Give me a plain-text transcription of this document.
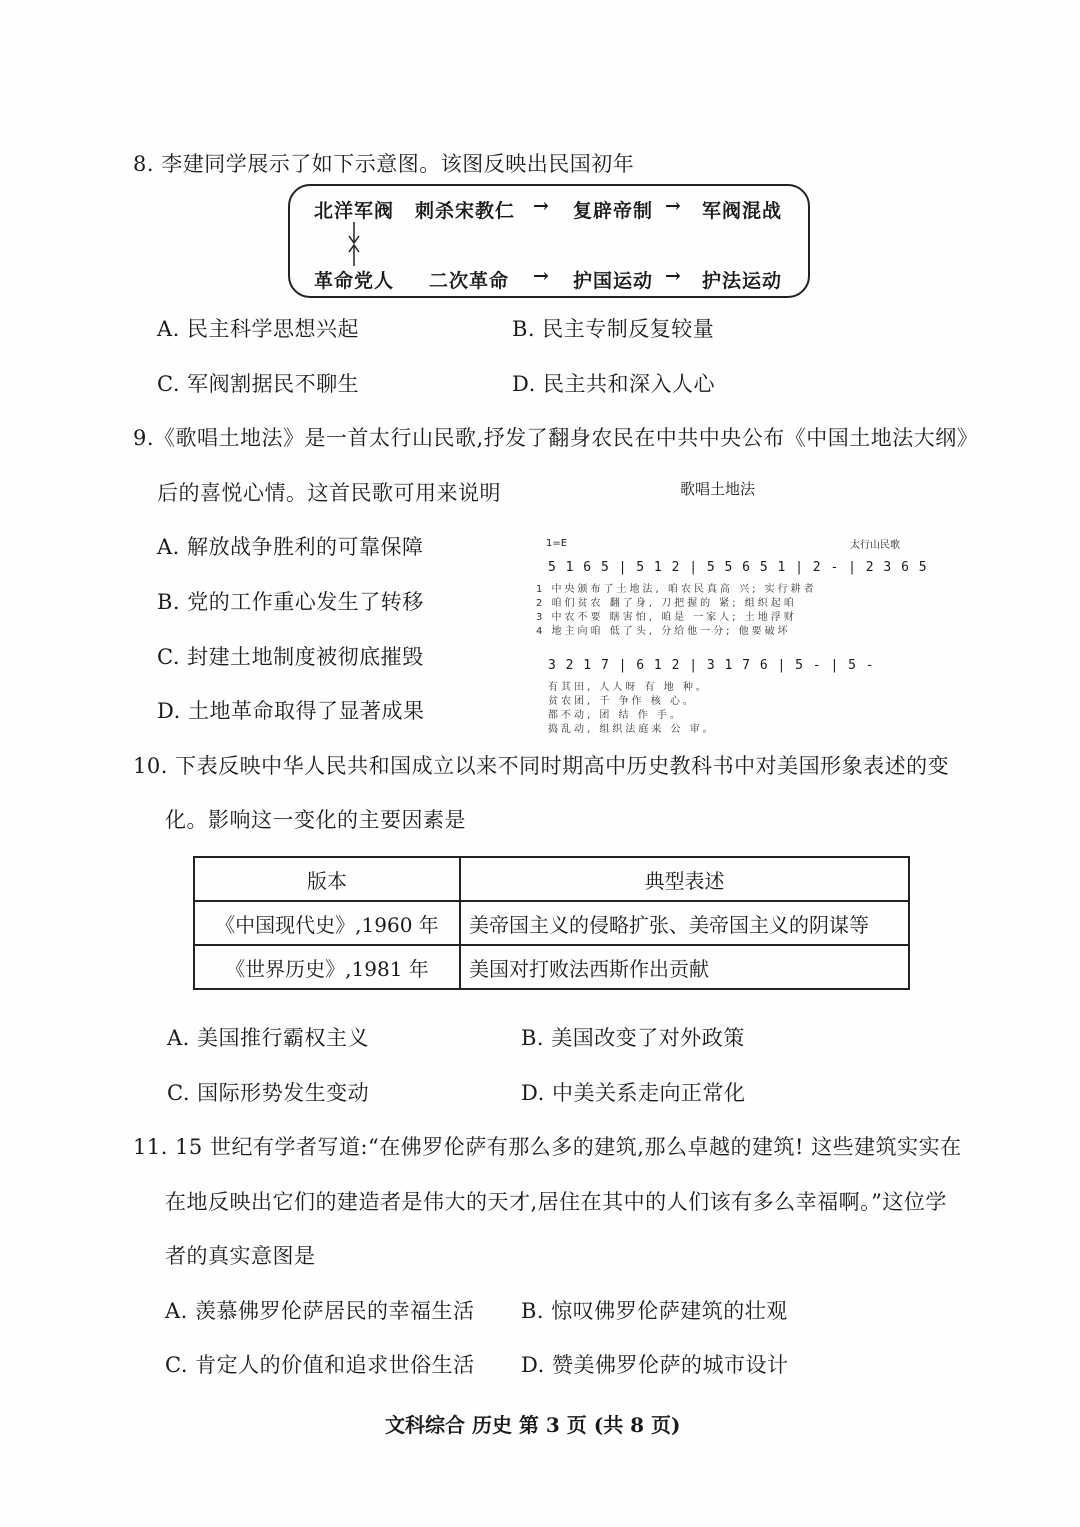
8. 李建同学展示了如下示意图。该图反映出民国初年
北洋军阀 刺杀宋教仁 → 复辟帝制 → 军阀混战
革命党人 二次革命 → 护国运动 → 护法运动
A. 民主科学思想兴起	B. 民主专制反复较量
C. 军阀割据民不聊生	D. 民主共和深入人心
9.《歌唱土地法》是一首太行山民歌,抒发了翻身农民在中共中央公布《中国土地法大纲》
后的喜悦心情。这首民歌可用来说明
A. 解放战争胜利的可靠保障
B. 党的工作重心发生了转移
C. 封建土地制度被彻底摧毁
D. 土地革命取得了显著成果
歌唱土地法
1=E	太行山民歌
5 1 6 5 | 5 1 2 | 5 5 6 5 1 | 2 - | 2 3 6 5
1 中央颁布了土地法, 咱农民真高 兴; 实行耕者
2 咱们贫农 翻了身, 刀把握的 紧; 组织起咱
3 中农不要 瞎害怕, 咱是 一家人; 土地浮财
4 地主向咱 低了头, 分给他一分; 他要破坏
3 2 1 7 | 6 1 2 | 3 1 7 6 | 5 - | 5 -
有其田, 人人呀 有 地 种。
贫农团, 千 争作 核 心。
都不动, 团 结 作 手。
捣乱动, 组织法庭来 公 审。
10. 下表反映中华人民共和国成立以来不同时期高中历史教科书中对美国形象表述的变
化。影响这一变化的主要因素是
版本	典型表述
《中国现代史》,1960 年	美帝国主义的侵略扩张、美帝国主义的阴谋等
《世界历史》,1981 年	美国对打败法西斯作出贡献
A. 美国推行霸权主义	B. 美国改变了对外政策
C. 国际形势发生变动	D. 中美关系走向正常化
11. 15 世纪有学者写道:“在佛罗伦萨有那么多的建筑,那么卓越的建筑! 这些建筑实实在
在地反映出它们的建造者是伟大的天才,居住在其中的人们该有多么幸福啊。”这位学
者的真实意图是
A. 羡慕佛罗伦萨居民的幸福生活 B. 惊叹佛罗伦萨建筑的壮观
C. 肯定人的价值和追求世俗生活 D. 赞美佛罗伦萨的城市设计
文科综合 历史 第 3 页 (共 8 页)
